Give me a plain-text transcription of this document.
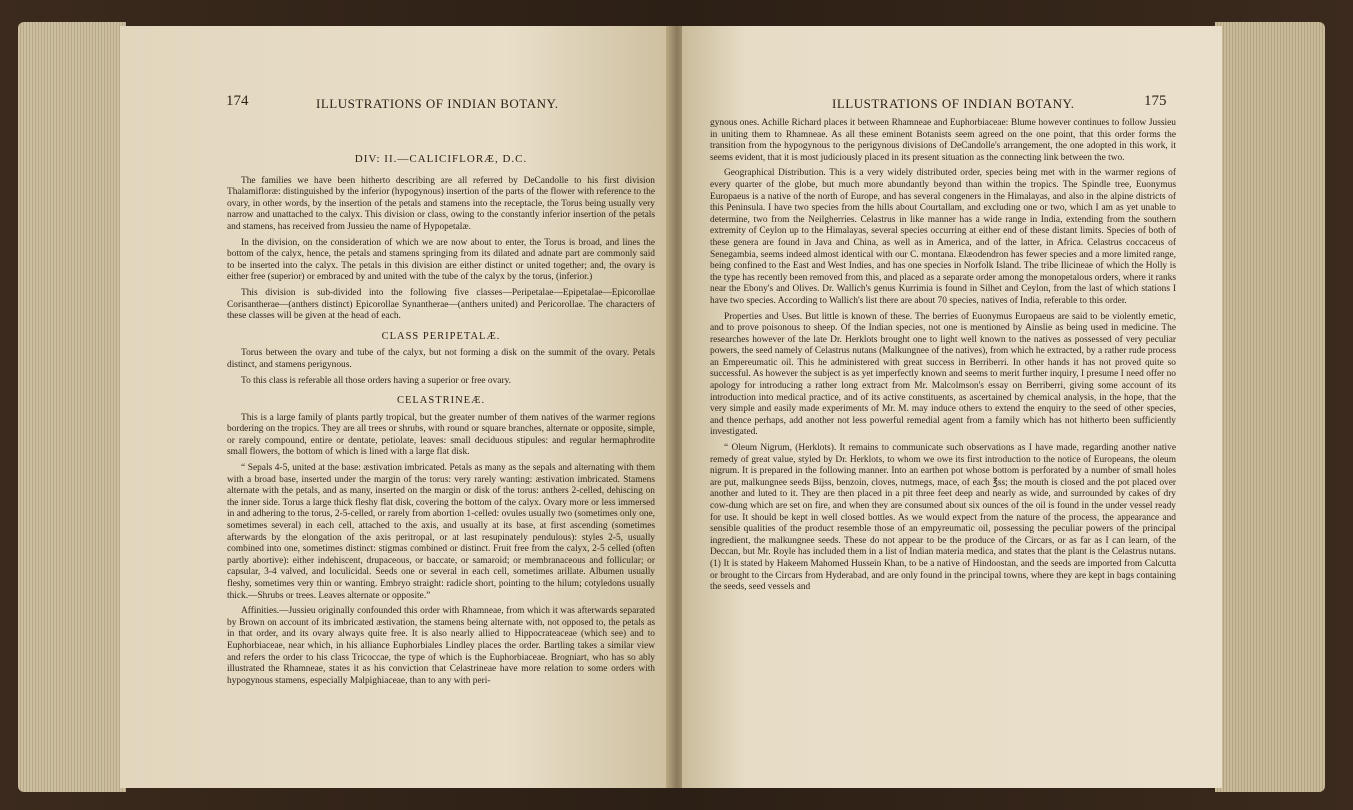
174	ILLUSTRATIONS OF INDIAN BOTANY.

DIV: II.—CALICIFLORÆ, D.C.

The families we have been hitherto describing are all referred by DeCandolle to his first division Thalamifloræ: distinguished by the inferior (hypogynous) insertion of the parts of the flower with reference to the ovary, in other words, by the insertion of the petals and stamens into the receptacle, the Torus being usually very narrow and unattached to the calyx. This division or class, owing to the constantly inferior insertion of the petals and stamens, has received from Jussieu the name of Hypopetalæ.

In the division, on the consideration of which we are now about to enter, the Torus is broad, and lines the bottom of the calyx, hence, the petals and stamens springing from its dilated and adnate part are commonly said to be inserted into the calyx. The petals in this division are either distinct or united together; and, the ovary is either free (superior) or embraced by and united with the tube of the calyx by the torus, (inferior.)

This division is sub-divided into the following five classes—Peripetalae—Epipetalae—Epicorollae Corisantherae—(anthers distinct) Epicorollae Synantherae—(anthers united) and Pericorollae. The characters of these classes will be given at the head of each.

CLASS PERIPETALÆ.

Torus between the ovary and tube of the calyx, but not forming a disk on the summit of the ovary. Petals distinct, and stamens perigynous.

To this class is referable all those orders having a superior or free ovary.

CELASTRINEÆ.

This is a large family of plants partly tropical, but the greater number of them natives of the warmer regions bordering on the tropics. They are all trees or shrubs, with round or square branches, alternate or opposite, simple, or rarely compound, entire or dentate, petiolate, leaves: small deciduous stipules: and regular hermaphrodite small flowers, the bottom of which is lined with a large flat disk.

“ Sepals 4-5, united at the base: æstivation imbricated. Petals as many as the sepals and alternating with them with a broad base, inserted under the margin of the torus: very rarely wanting: æstivation imbricated. Stamens alternate with the petals, and as many, inserted on the margin or disk of the torus: anthers 2-celled, dehiscing on the inner side. Torus a large thick fleshy flat disk, covering the bottom of the calyx. Ovary more or less immersed in and adhering to the torus, 2-5-celled, or rarely from abortion 1-celled: ovules usually two (sometimes only one, sometimes several) in each cell, attached to the axis, and usually at its base, at first ascending (sometimes afterwards by the elongation of the axis peritropal, or at last resupinately pendulous): styles 2-5, usually combined into one, sometimes distinct: stigmas combined or distinct. Fruit free from the calyx, 2-5 celled (often partly abortive): either indehiscent, drupaceous, or baccate, or samaroid; or membranaceous and follicular; or capsular, 3-4 valved, and loculicidal. Seeds one or several in each cell, sometimes arillate. Albumen usually fleshy, sometimes very thin or wanting. Embryo straight: radicle short, pointing to the hilum; cotyledons usually thick.—Shrubs or trees. Leaves alternate or opposite.”

Affinities.—Jussieu originally confounded this order with Rhamneae, from which it was afterwards separated by Brown on account of its imbricated æstivation, the stamens being alternate with, not opposed to, the petals as in that order, and its ovary always quite free. It is also nearly allied to Hippocrateaceae (which see) and to Euphorbiaceae, near which, in his alliance Euphorbiales Lindley places the order. Bartling takes a similar view and refers the order to his class Tricoccae, the type of which is the Euphorbiaceae. Brogniart, who has so ably illustrated the Rhamneae, states it as his conviction that Celastrineae have more relation to some orders with hypogynous stamens, especially Malpighiaceae, than to any with peri-

ILLUSTRATIONS OF INDIAN BOTANY.	175

gynous ones. Achille Richard places it between Rhamneae and Euphorbiaceae: Blume however continues to follow Jussieu in uniting them to Rhamneae. As all these eminent Botanists seem agreed on the one point, that this order forms the transition from the hypogynous to the perigynous divisions of DeCandolle's arrangement, the one adopted in this work, it seems evident, that it is most judiciously placed in its present situation as the connecting link between the two.

Geographical Distribution. This is a very widely distributed order, species being met with in the warmer regions of every quarter of the globe, but much more abundantly beyond than within the tropics. The Spindle tree, Euonymus Europaeus is a native of the north of Europe, and has several congeners in the Himalayas, and also in the alpine districts of this Peninsula. I have two species from the hills about Courtallam, and excluding one or two, which I am as yet unable to determine, two from the Neilgherries. Celastrus in like manner has a wide range in India, extending from the southern extremity of Ceylon up to the Himalayas, several species occurring at either end of these distant limits. Species of both of these genera are found in Java and China, as well as in America, and of the latter, in Africa. Celastrus coccaceus of Senegambia, seems indeed almost identical with our C. montana. Elæodendron has fewer species and a more limited range, being confined to the East and West Indies, and has one species in Norfolk Island. The tribe Ilicineae of which the Holly is the type has recently been removed from this, and placed as a separate order among the monopetalous orders, where it ranks near the Ebony's and Olives. Dr. Wallich's genus Kurrimia is found in Silhet and Ceylon, from the last of which stations I have two species. According to Wallich's list there are about 70 species, natives of India, referable to this order.

Properties and Uses. But little is known of these. The berries of Euonymus Europaeus are said to be violently emetic, and to prove poisonous to sheep. Of the Indian species, not one is mentioned by Ainslie as being used in medicine. The researches however of the late Dr. Herklots brought one to light well known to the natives as possessed of very peculiar powers, the seed namely of Celastrus nutans (Malkungnee of the natives), from which he extracted, by a rather rude process an Empereumatic oil. This he administered with great success in Berriberri. In other hands it has not proved quite so successful. As however the subject is as yet imperfectly known and seems to merit further inquiry, I presume I need offer no apology for introducing a rather long extract from Mr. Malcolmson's essay on Berriberri, giving some account of its introduction into medical practice, and of its active constituents, as ascertained by chemical analysis, in the hope, that the very simple and easily made experiments of Mr. M. may induce others to extend the enquiry to the seed of other species, and thence perhaps, add another not less powerful remedial agent from a family which has not hitherto been sufficiently investigated.

“ Oleum Nigrum, (Herklots). It remains to communicate such observations as I have made, regarding another native remedy of great value, styled by Dr. Herklots, to whom we owe its first introduction to the notice of Europeans, the oleum nigrum. It is prepared in the following manner. Into an earthen pot whose bottom is perforated by a number of small holes are put, malkungnee seeds Bijss, benzoin, cloves, nutmegs, mace, of each ℥ss; the mouth is closed and the pot placed over another and luted to it. They are then placed in a pit three feet deep and nearly as wide, and surrounded by cakes of dry cow-dung which are set on fire, and when they are consumed about six ounces of the oil is found in the under vessel ready for use. It should be kept in well closed bottles. As we would expect from the nature of the process, the appearance and sensible qualities of the product resemble those of an empyreumatic oil, possessing the peculiar powers of the principal ingredient, the malkungnee seeds. These do not appear to be the produce of the Circars, or as far as I can learn, of the Deccan, but Mr. Royle has included them in a list of Indian materia medica, and states that the plant is the Celastrus nutans.(1) It is stated by Hakeem Mahomed Hussein Khan, to be a native of Hindoostan, and the seeds are imported from Calcutta or brought to the Circars from Hyderabad, and are only found in the principal towns, where they are kept in bags containing the seeds, seed vessels and
